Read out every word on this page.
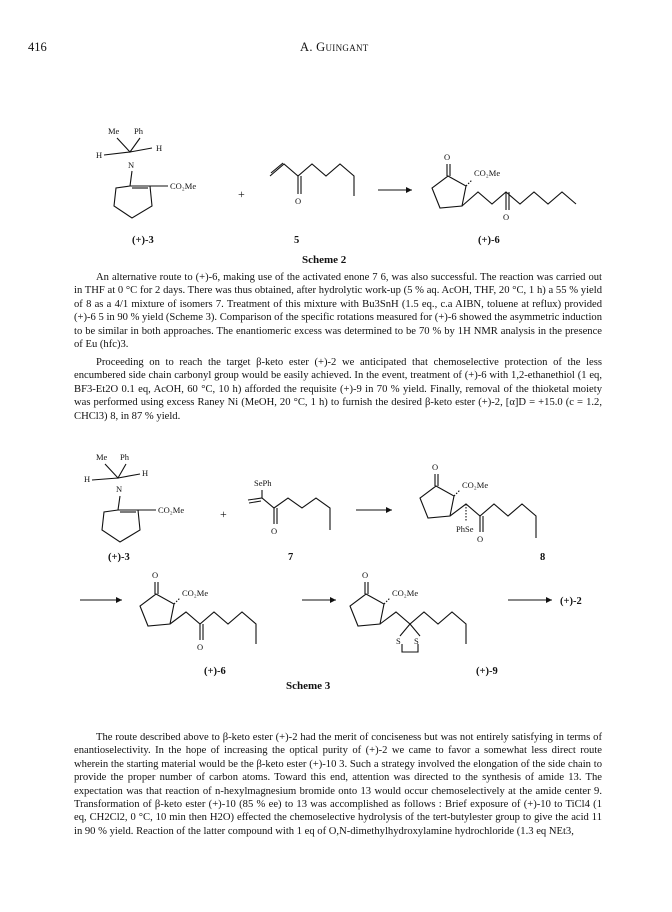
416	A. Guingant
Me Ph
H
H
N
CO₂Me
(+)-3
+	O
5
O
CO₂Me
O
(+)-6
Scheme 2

An alternative route to (+)-6, making use of the activated enone 7 6, was also successful. The reaction was carried out in THF at 0 °C for 2 days. There was thus obtained, after hydrolytic work-up (5 % aq. AcOH, THF, 20 °C, 1 h) a 55 % yield of 8 as a 4/1 mixture of isomers 7. Treatment of this mixture with Bu3SnH (1.5 eq., c.a AIBN, toluene at reflux) provided (+)-6 5 in 90 % yield (Scheme 3). Comparison of the specific rotations measured for (+)-6 showed the asymmetric induction to be similar in both approaches. The enantiomeric excess was determined to be 70 % by 1H NMR analysis in the presence of Eu (hfc)3.

Proceeding on to reach the target β-keto ester (+)-2 we anticipated that chemoselective protection of the less encumbered side chain carbonyl group would be easily achieved. In the event, treatment of (+)-6 with 1,2-ethanethiol (1 eq, BF3-Et2O 0.1 eq, AcOH, 60 °C, 10 h) afforded the requisite (+)-9 in 70 % yield. Finally, removal of the thioketal moiety was performed using excess Raney Ni (MeOH, 20 °C, 1 h) to furnish the desired β-keto ester (+)-2, [α]D = +15.0 (c = 1.2, CHCl3) 8, in 87 % yield.

Me Ph
H
H
N
CO₂Me
(+)-3
+
SePh
O
7
O
CO₂Me
PhSe
O
8
O
CO₂Me
O
(+)-6
O
CO₂Me
S S
(+)-9
(+)-2
Scheme 3

The route described above to β-keto ester (+)-2 had the merit of conciseness but was not entirely satisfying in terms of enantioselectivity. In the hope of increasing the optical purity of (+)-2 we came to favor a somewhat less direct route wherein the starting material would be the β-keto ester (+)-10 3. Such a strategy involved the elongation of the side chain to provide the proper number of carbon atoms. Toward this end, attention was directed to the synthesis of amide 13. The expectation was that reaction of n-hexylmagnesium bromide onto 13 would occur chemoselectively at the amide center 9. Transformation of β-keto ester (+)-10 (85 % ee) to 13 was accomplished as follows : Brief exposure of (+)-10 to TiCl4 (1 eq, CH2Cl2, 0 °C, 10 min then H2O) effected the chemoselective hydrolysis of the tert-butylester group to give the acid 11 in 90 % yield. Reaction of the latter compound with 1 eq of O,N-dimethylhydroxylamine hydrochloride (1.3 eq NEt3,
